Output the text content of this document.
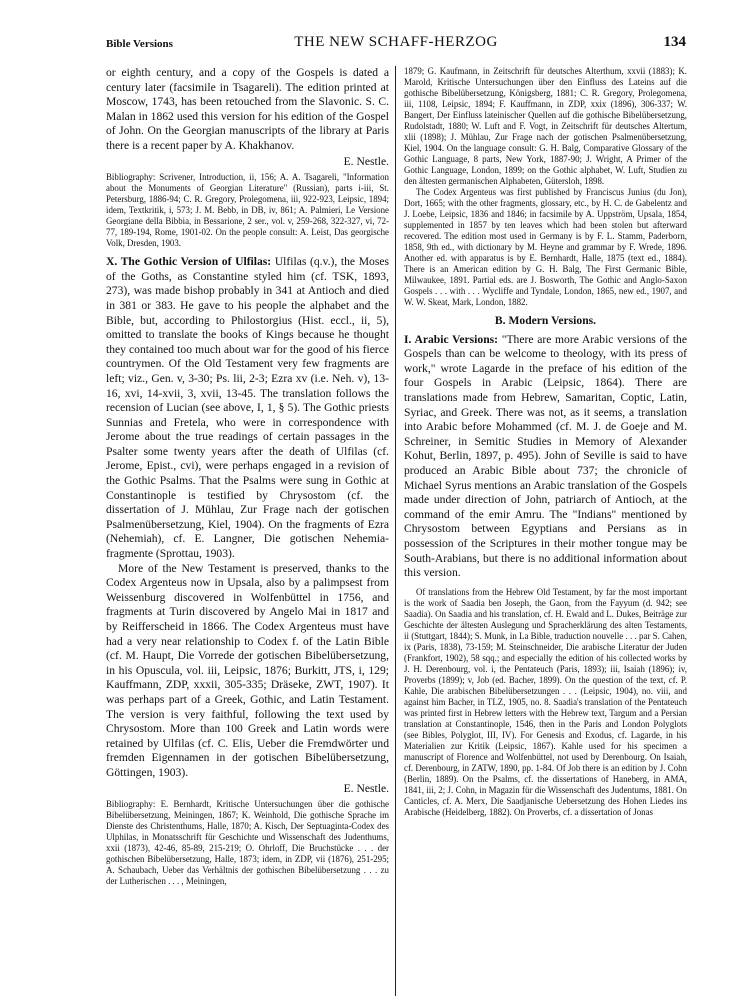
Bible Versions	THE NEW SCHAFF-HERZOG	134

or eighth century, and a copy of the Gospels is dated a century later (facsimile in Tsagareli). The edition printed at Moscow, 1743, has been retouched from the Slavonic. S. C. Malan in 1862 used this version for his edition of the Gospel of John. On the Georgian manuscripts of the library at Paris there is a recent paper by A. Khakhanov.

E. Nestle.

Bibliography: Scrivener, Introduction, ii, 156; A. A. Tsagareli, "Information about the Monuments of Georgian Literature" (Russian), parts i-iii, St. Petersburg, 1886-94; C. R. Gregory, Prolegomena, iii, 922-923, Leipsic, 1894; idem, Textkritik, i, 573; J. M. Bebb, in DB, iv, 861; A. Palmieri, Le Versione Georgiane della Bibbia, in Bessarione, 2 ser., vol. v, 259-268, 322-327, vi, 72-77, 189-194, Rome, 1901-02. On the people consult: A. Leist, Das georgische Volk, Dresden, 1903.

X. The Gothic Version of Ulfilas: Ulfilas (q.v.), the Moses of the Goths, as Constantine styled him (cf. TSK, 1893, 273), was made bishop probably in 341 at Antioch and died in 381 or 383. He gave to his people the alphabet and the Bible, but, according to Philostorgius (Hist. eccl., ii, 5), omitted to translate the books of Kings because he thought they contained too much about war for the good of his fierce countrymen. Of the Old Testament very few fragments are left; viz., Gen. v, 3-30; Ps. lii, 2-3; Ezra xv (i.e. Neh. v), 13-16, xvi, 14-xvii, 3, xvii, 13-45. The translation follows the recension of Lucian (see above, I, 1, § 5). The Gothic priests Sunnias and Fretela, who were in correspondence with Jerome about the true readings of certain passages in the Psalter some twenty years after the death of Ulfilas (cf. Jerome, Epist., cvi), were perhaps engaged in a revision of the Gothic Psalms. That the Psalms were sung in Gothic at Constantinople is testified by Chrysostom (cf. the dissertation of J. Mühlau, Zur Frage nach der gotischen Psalmenübersetzung, Kiel, 1904). On the fragments of Ezra (Nehemiah), cf. E. Langner, Die gotischen Nehemia-fragmente (Sprottau, 1903).

More of the New Testament is preserved, thanks to the Codex Argenteus now in Upsala, also by a palimpsest from Weissenburg discovered in Wolfenbüttel in 1756, and fragments at Turin discovered by Angelo Mai in 1817 and by Reifferscheid in 1866. The Codex Argenteus must have had a very near relationship to Codex f. of the Latin Bible (cf. M. Haupt, Die Vorrede der gotischen Bibelübersetzung, in his Opuscula, vol. iii, Leipsic, 1876; Burkitt, JTS, i, 129; Kauffmann, ZDP, xxxii, 305-335; Dräseke, ZWT, 1907). It was perhaps part of a Greek, Gothic, and Latin Testament. The version is very faithful, following the text used by Chrysostom. More than 100 Greek and Latin words were retained by Ulfilas (cf. C. Elis, Ueber die Fremdwörter und fremden Eigennamen in der gotischen Bibelübersetzung, Göttingen, 1903).

E. Nestle.

Bibliography: E. Bernhardt, Kritische Untersuchungen über die gothische Bibelübersetzung, Meiningen, 1867; K. Weinhold, Die gothische Sprache im Dienste des Christenthums, Halle, 1870; A. Kisch, Der Septuaginta-Codex des Ulphilas, in Monatsschrift für Geschichte und Wissenschaft des Judenthums, xxii (1873), 42-46, 85-89, 215-219; O. Ohrloff, Die Bruchstücke . . . der gothischen Bibelübersetzung, Halle, 1873; idem, in ZDP, vii (1876), 251-295; A. Schaubach, Ueber das Verhältnis der gothischen Bibelübersetzung . . . zu der Lutherischen . . . , Meiningen,

1879; G. Kaufmann, in Zeitschrift für deutsches Alterthum, xxvii (1883); K. Marold, Kritische Untersuchungen über den Einfluss des Lateins auf die gothische Bibelübersetzung, Königsberg, 1881; C. R. Gregory, Prolegomena, iii, 1108, Leipsic, 1894; F. Kauffmann, in ZDP, xxix (1896), 306-337; W. Bangert, Der Einfluss lateinischer Quellen auf die gothische Bibelübersetzung, Rudolstadt, 1880; W. Luft and F. Vogt, in Zeitschrift für deutsches Altertum, xlii (1898); J. Mühlau, Zur Frage nach der gotischen Psalmenübersetzung, Kiel, 1904. On the language consult: G. H. Balg, Comparative Glossary of the Gothic Language, 8 parts, New York, 1887-90; J. Wright, A Primer of the Gothic Language, London, 1899; on the Gothic alphabet, W. Luft, Studien zu den ältesten germanischen Alphabeten, Gütersloh, 1898.

The Codex Argenteus was first published by Franciscus Junius (du Jon), Dort, 1665; with the other fragments, glossary, etc., by H. C. de Gabelentz and J. Loebe, Leipsic, 1836 and 1846; in facsimile by A. Uppström, Upsala, 1854, supplemented in 1857 by ten leaves which had been stolen but afterward recovered. The edition most used in Germany is by F. L. Stamm, Paderborn, 1858, 9th ed., with dictionary by M. Heyne and grammar by F. Wrede, 1896. Another ed. with apparatus is by E. Bernhardt, Halle, 1875 (text ed., 1884). There is an American edition by G. H. Balg, The First Germanic Bible, Milwaukee, 1891. Partial eds. are J. Bosworth, The Gothic and Anglo-Saxon Gospels . . . with . . . Wycliffe and Tyndale, London, 1865, new ed., 1907, and W. W. Skeat, Mark, London, 1882.

B. Modern Versions.

I. Arabic Versions: "There are more Arabic versions of the Gospels than can be welcome to theology, with its press of work," wrote Lagarde in the preface of his edition of the four Gospels in Arabic (Leipsic, 1864). There are translations made from Hebrew, Samaritan, Coptic, Latin, Syriac, and Greek. There was not, as it seems, a translation into Arabic before Mohammed (cf. M. J. de Goeje and M. Schreiner, in Semitic Studies in Memory of Alexander Kohut, Berlin, 1897, p. 495). John of Seville is said to have produced an Arabic Bible about 737; the chronicle of Michael Syrus mentions an Arabic translation of the Gospels made under direction of John, patriarch of Antioch, at the command of the emir Amru. The "Indians" mentioned by Chrysostom between Egyptians and Persians as in possession of the Scriptures in their mother tongue may be South-Arabians, but there is no additional information about this version.

Of translations from the Hebrew Old Testament, by far the most important is the work of Saadia ben Joseph, the Gaon, from the Fayyum (d. 942; see Saadia). On Saadia and his translation, cf. H. Ewald and L. Dukes, Beiträge zur Geschichte der ältesten Auslegung und Spracherklärung des alten Testaments, ii (Stuttgart, 1844); S. Munk, in La Bible, traduction nouvelle . . . par S. Cahen, ix (Paris, 1838), 73-159; M. Steinschneider, Die arabische Literatur der Juden (Frankfort, 1902), 58 sqq.; and especially the edition of his collected works by J. H. Derenbourg, vol. i, the Pentateuch (Paris, 1893); iii, Isaiah (1896); iv, Proverbs (1899); v, Job (ed. Bacher, 1899). On the question of the text, cf. P. Kahle, Die arabischen Bibelübersetzungen . . . (Leipsic, 1904), no. viii, and against him Bacher, in TLZ, 1905, no. 8. Saadia's translation of the Pentateuch was printed first in Hebrew letters with the Hebrew text, Targum and a Persian translation at Constantinople, 1546, then in the Paris and London Polyglots (see Bibles, Polyglot, III, IV). For Genesis and Exodus, cf. Lagarde, in his Materialien zur Kritik (Leipsic, 1867). Kahle used for his specimen a manuscript of Florence and Wolfenbüttel, not used by Derenbourg. On Isaiah, cf. Derenbourg, in ZATW, 1890, pp. 1-84. Of Job there is an edition by J. Cohn (Berlin, 1889). On the Psalms, cf. the dissertations of Haneberg, in AMA, 1841, iii, 2; J. Cohn, in Magazin für die Wissenschaft des Judentums, 1881. On Canticles, cf. A. Merx, Die Saadjanische Uebersetzung des Hohen Liedes ins Arabische (Heidelberg, 1882). On Proverbs, cf. a dissertation of Jonas
